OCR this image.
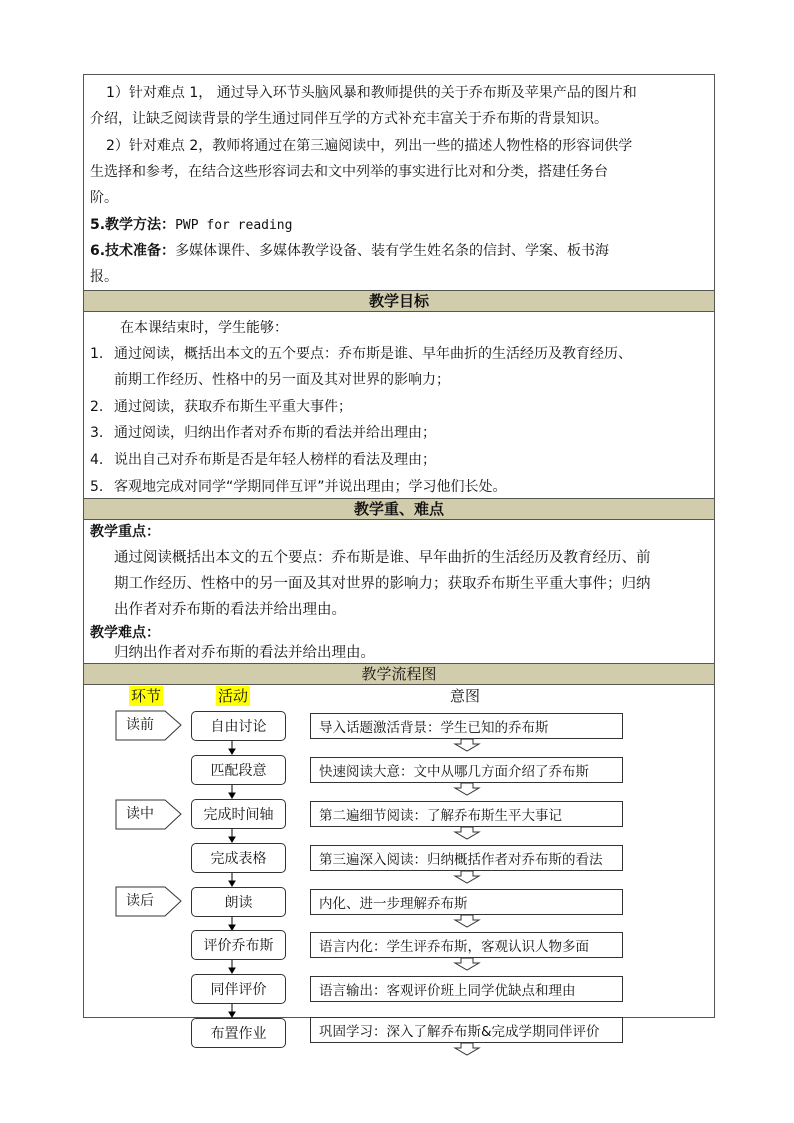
1）针对难点 1， 通过导入环节头脑风暴和教师提供的关于乔布斯及苹果产品的图片和
介绍，让缺乏阅读背景的学生通过同伴互学的方式补充丰富关于乔布斯的背景知识。
2）针对难点 2，教师将通过在第三遍阅读中，列出一些的描述人物性格的形容词供学
生选择和参考，在结合这些形容词去和文中列举的事实进行比对和分类，搭建任务台
阶。
5.教学方法：PWP for reading
6.技术准备：多媒体课件、多媒体教学设备、装有学生姓名条的信封、学案、板书海
报。
教学目标
在本课结束时，学生能够：
1. 通过阅读，概括出本文的五个要点：乔布斯是谁、早年曲折的生活经历及教育经历、
前期工作经历、性格中的另一面及其对世界的影响力；
2. 通过阅读，获取乔布斯生平重大事件；
3. 通过阅读，归纳出作者对乔布斯的看法并给出理由；
4. 说出自己对乔布斯是否是年轻人榜样的看法及理由；
5. 客观地完成对同学“学期同伴互评”并说出理由；学习他们长处。
教学重、难点
教学重点：
通过阅读概括出本文的五个要点：乔布斯是谁、早年曲折的生活经历及教育经历、前
期工作经历、性格中的另一面及其对世界的影响力；获取乔布斯生平重大事件；归纳
出作者对乔布斯的看法并给出理由。
教学难点：
归纳出作者对乔布斯的看法并给出理由。
教学流程图
环节	活动	意图
读前
读中
读后
自由讨论
匹配段意
完成时间轴
完成表格
朗读
评价乔布斯
同伴评价
布置作业
导入话题激活背景：学生已知的乔布斯
快速阅读大意：文中从哪几方面介绍了乔布斯
第二遍细节阅读：了解乔布斯生平大事记
第三遍深入阅读：归纳概括作者对乔布斯的看法
内化、进一步理解乔布斯
语言内化：学生评乔布斯，客观认识人物多面
语言输出：客观评价班上同学优缺点和理由
巩固学习：深入了解乔布斯&完成学期同伴评价
